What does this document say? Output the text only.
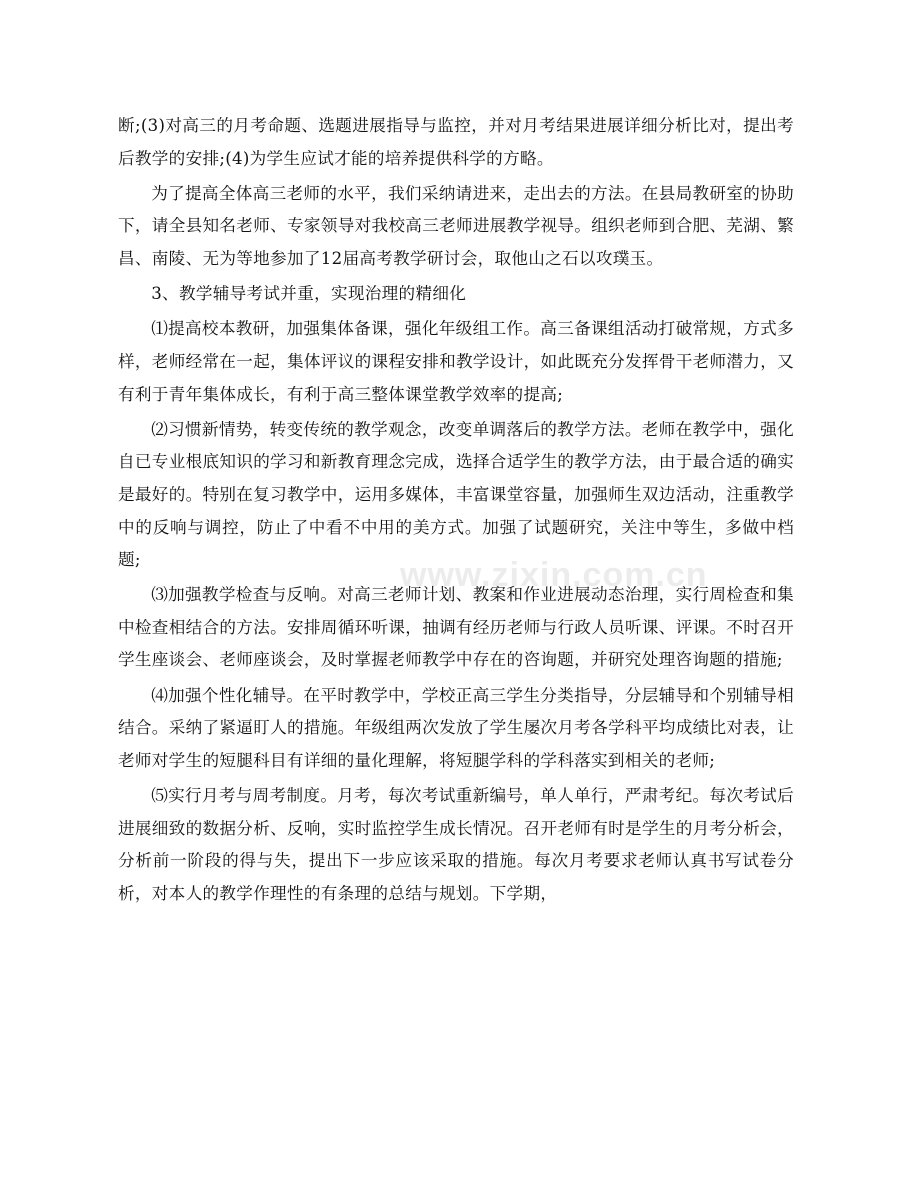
断;(3)对高三的月考命题、选题进展指导与监控，并对月考结果进展详细分析比对，提出考后教学的安排;(4)为学生应试才能的培养提供科学的方略。

为了提高全体高三老师的水平，我们采纳请进来，走出去的方法。在县局教研室的协助下，请全县知名老师、专家领导对我校高三老师进展教学视导。组织老师到合肥、芜湖、繁昌、南陵、无为等地参加了12届高考教学研讨会，取他山之石以攻璞玉。

3、教学辅导考试并重，实现治理的精细化

⑴提高校本教研，加强集体备课，强化年级组工作。高三备课组活动打破常规，方式多样，老师经常在一起，集体评议的课程安排和教学设计，如此既充分发挥骨干老师潜力，又有利于青年集体成长，有利于高三整体课堂教学效率的提高;

⑵习惯新情势，转变传统的教学观念，改变单调落后的教学方法。老师在教学中，强化自已专业根底知识的学习和新教育理念完成，选择合适学生的教学方法，由于最合适的确实是最好的。特别在复习教学中，运用多媒体，丰富课堂容量，加强师生双边活动，注重教学中的反响与调控，防止了中看不中用的美方式。加强了试题研究，关注中等生，多做中档题;

⑶加强教学检查与反响。对高三老师计划、教案和作业进展动态治理，实行周检查和集中检查相结合的方法。安排周循环听课，抽调有经历老师与行政人员听课、评课。不时召开学生座谈会、老师座谈会，及时掌握老师教学中存在的咨询题，并研究处理咨询题的措施;

⑷加强个性化辅导。在平时教学中，学校正高三学生分类指导，分层辅导和个别辅导相结合。采纳了紧逼盯人的措施。年级组两次发放了学生屡次月考各学科平均成绩比对表，让老师对学生的短腿科目有详细的量化理解，将短腿学科的学科落实到相关的老师;

⑸实行月考与周考制度。月考，每次考试重新编号，单人单行，严肃考纪。每次考试后进展细致的数据分析、反响，实时监控学生成长情况。召开老师有时是学生的月考分析会，分析前一阶段的得与失，提出下一步应该采取的措施。每次月考要求老师认真书写试卷分析，对本人的教学作理性的有条理的总结与规划。下学期，

www.zixin.com.cn
